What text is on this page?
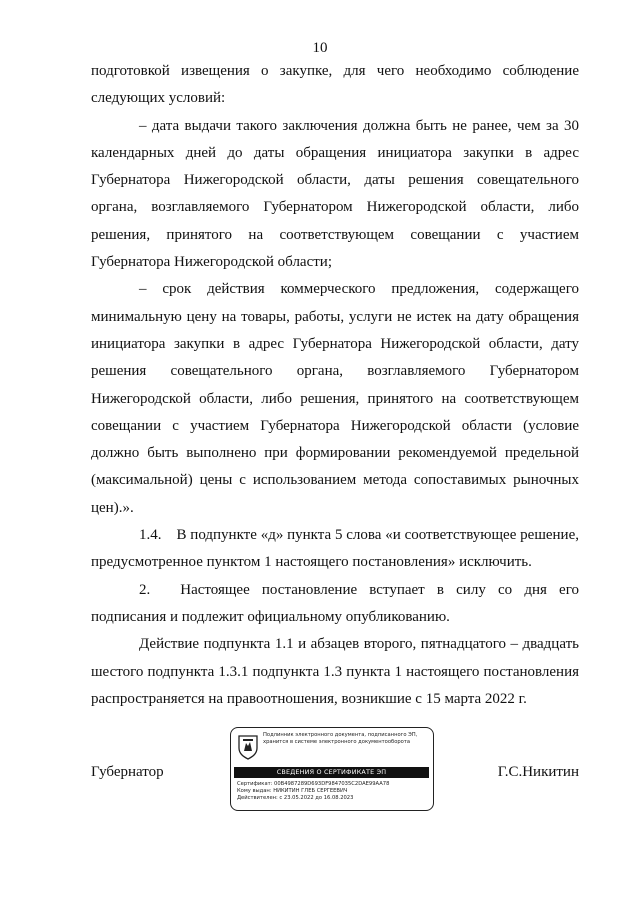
10

подготовкой извещения о закупке, для чего необходимо соблюдение следующих условий:

– дата выдачи такого заключения должна быть не ранее, чем за 30 календарных дней до даты обращения инициатора закупки в адрес Губернатора Нижегородской области, даты решения совещательного органа, возглавляемого Губернатором Нижегородской области, либо решения, принятого на соответствующем совещании с участием Губернатора Нижегородской области;

– срок действия коммерческого предложения, содержащего минимальную цену на товары, работы, услуги не истек на дату обращения инициатора закупки в адрес Губернатора Нижегородской области, дату решения совещательного органа, возглавляемого Губернатором Нижегородской области, либо решения, принятого на соответствующем совещании с участием Губернатора Нижегородской области (условие должно быть выполнено при формировании рекомендуемой предельной (максимальной) цены с использованием метода сопоставимых рыночных цен).».

1.4. В подпункте «д» пункта 5 слова «и соответствующее решение, предусмотренное пунктом 1 настоящего постановления» исключить.

2.  Настоящее постановление вступает в силу со дня его подписания и подлежит официальному опубликованию.

Действие подпункта 1.1 и абзацев второго, пятнадцатого – двадцать шестого подпункта 1.3.1 подпункта 1.3 пункта 1 настоящего постановления распространяется на правоотношения, возникшие с 15 марта 2022 г.

Губернатор
Подлинник электронного документа, подписанного ЭП, хранится в системе электронного документооборота
СВЕДЕНИЯ О СЕРТИФИКАТЕ ЭП
Сертификат: 00B4987289D693DF9847035C2DAE99AA78
Кому выдан: НИКИТИН ГЛЕБ СЕРГЕЕВИЧ
Действителен: с 23.05.2022 до 16.08.2023
Г.С.Никитин
